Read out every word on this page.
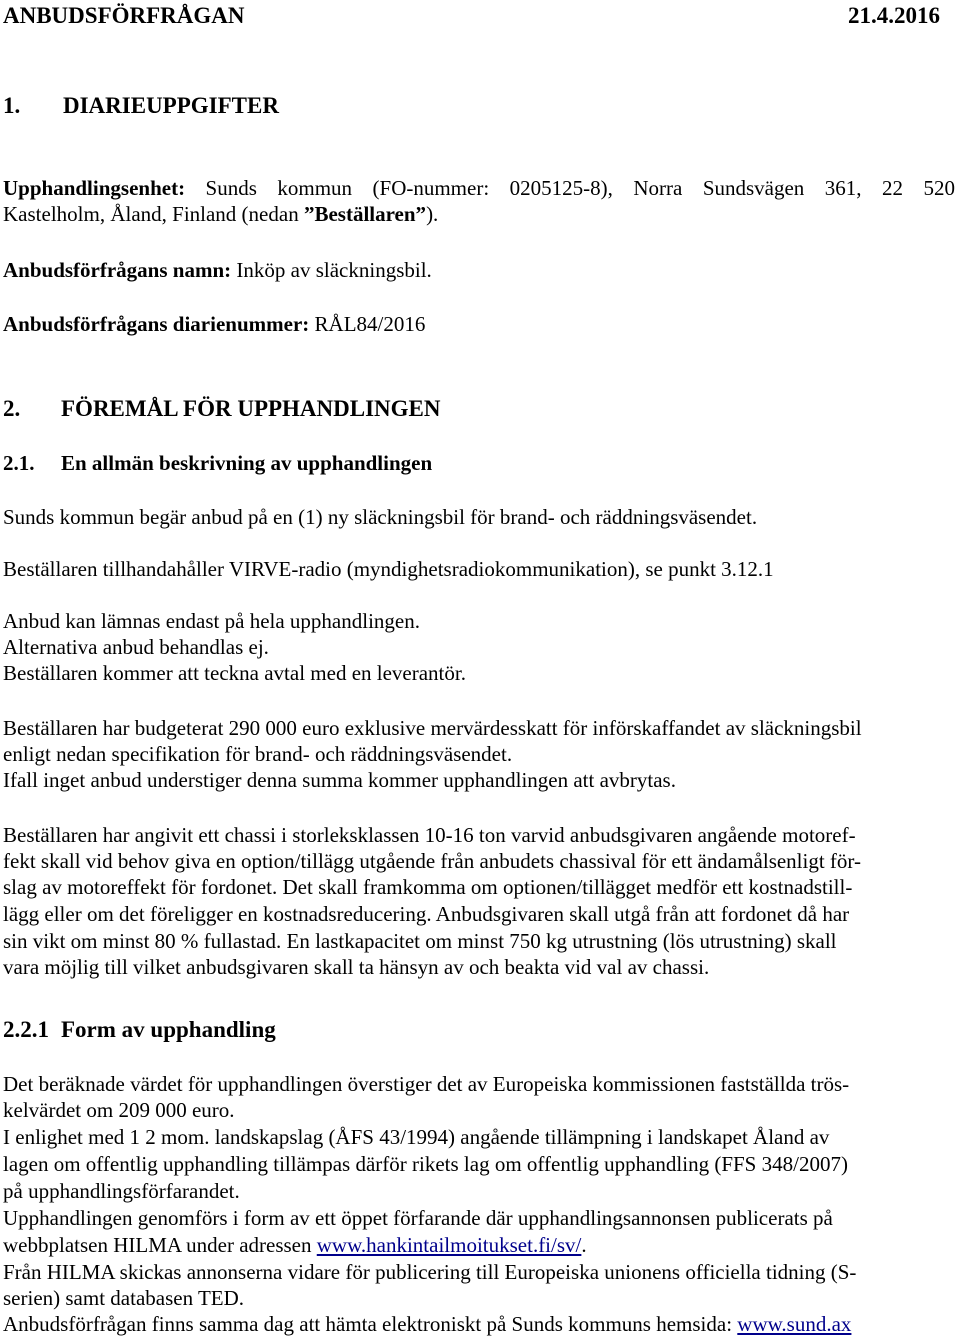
ANBUDSFÖRFRÅGAN	21.4.2016
1. DIARIEUPPGIFTER
Upphandlingsenhet: Sunds kommun (FO-nummer: 0205125-8), Norra Sundsvägen 361, 22 520
Kastelholm, Åland, Finland (nedan ”Beställaren”).
Anbudsförfrågans namn: Inköp av släckningsbil.
Anbudsförfrågans diarienummer: RÅL84/2016
2. FÖREMÅL FÖR UPPHANDLINGEN
2.1. En allmän beskrivning av upphandlingen
Sunds kommun begär anbud på en (1) ny släckningsbil för brand- och räddningsväsendet.
Beställaren tillhandahåller VIRVE-radio (myndighetsradiokommunikation), se punkt 3.12.1
Anbud kan lämnas endast på hela upphandlingen.
Alternativa anbud behandlas ej.
Beställaren kommer att teckna avtal med en leverantör.
Beställaren har budgeterat 290 000 euro exklusive mervärdesskatt för införskaffandet av släckningsbil
enligt nedan specifikation för brand- och räddningsväsendet.
Ifall inget anbud understiger denna summa kommer upphandlingen att avbrytas.
Beställaren har angivit ett chassi i storleksklassen 10-16 ton varvid anbudsgivaren angående motoref-
fekt skall vid behov giva en option/tillägg utgående från anbudets chassival för ett ändamålsenligt för-
slag av motoreffekt för fordonet. Det skall framkomma om optionen/tillägget medför ett kostnadstill-
lägg eller om det föreligger en kostnadsreducering. Anbudsgivaren skall utgå från att fordonet då har
sin vikt om minst 80 % fullastad. En lastkapacitet om minst 750 kg utrustning (lös utrustning) skall
vara möjlig till vilket anbudsgivaren skall ta hänsyn av och beakta vid val av chassi.
2.2.1 Form av upphandling
Det beräknade värdet för upphandlingen överstiger det av Europeiska kommissionen fastställda trös-
kelvärdet om 209 000 euro.
I enlighet med 1 2 mom. landskapslag (ÅFS 43/1994) angående tillämpning i landskapet Åland av
lagen om offentlig upphandling tillämpas därför rikets lag om offentlig upphandling (FFS 348/2007)
på upphandlingsförfarandet.
Upphandlingen genomförs i form av ett öppet förfarande där upphandlingsannonsen publicerats på
webbplatsen HILMA under adressen www.hankintailmoitukset.fi/sv/.
Från HILMA skickas annonserna vidare för publicering till Europeiska unionens officiella tidning (S-
serien) samt databasen TED.
Anbudsförfrågan finns samma dag att hämta elektroniskt på Sunds kommuns hemsida: www.sund.ax
